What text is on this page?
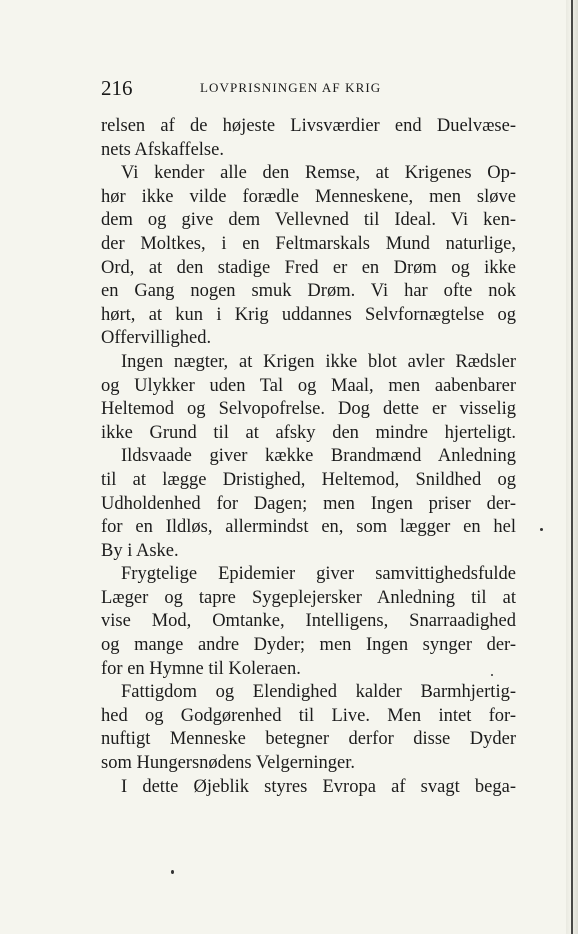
216	LOVPRISNINGEN AF KRIG
relsen af de højeste Livsværdier end Duelvæse-
nets Afskaffelse.
Vi kender alle den Remse, at Krigenes Op-
hør ikke vilde forædle Menneskene, men sløve
dem og give dem Vellevned til Ideal. Vi ken-
der Moltkes, i en Feltmarskals Mund naturlige,
Ord, at den stadige Fred er en Drøm og ikke
en Gang nogen smuk Drøm. Vi har ofte nok
hørt, at kun i Krig uddannes Selvfornægtelse og
Offervillighed.
Ingen nægter, at Krigen ikke blot avler Rædsler
og Ulykker uden Tal og Maal, men aabenbarer
Heltemod og Selvopofrelse. Dog dette er visselig
ikke Grund til at afsky den mindre hjerteligt.
Ildsvaade giver kække Brandmænd Anledning
til at lægge Dristighed, Heltemod, Snildhed og
Udholdenhed for Dagen; men Ingen priser der-
for en Ildløs, allermindst en, som lægger en hel
By i Aske.
Frygtelige Epidemier giver samvittighedsfulde
Læger og tapre Sygeplejersker Anledning til at
vise Mod, Omtanke, Intelligens, Snarraadighed
og mange andre Dyder; men Ingen synger der-
for en Hymne til Koleraen.
Fattigdom og Elendighed kalder Barmhjertig-
hed og Godgørenhed til Live. Men intet for-
nuftigt Menneske betegner derfor disse Dyder
som Hungersnødens Velgerninger.
I dette Øjeblik styres Evropa af svagt bega-
